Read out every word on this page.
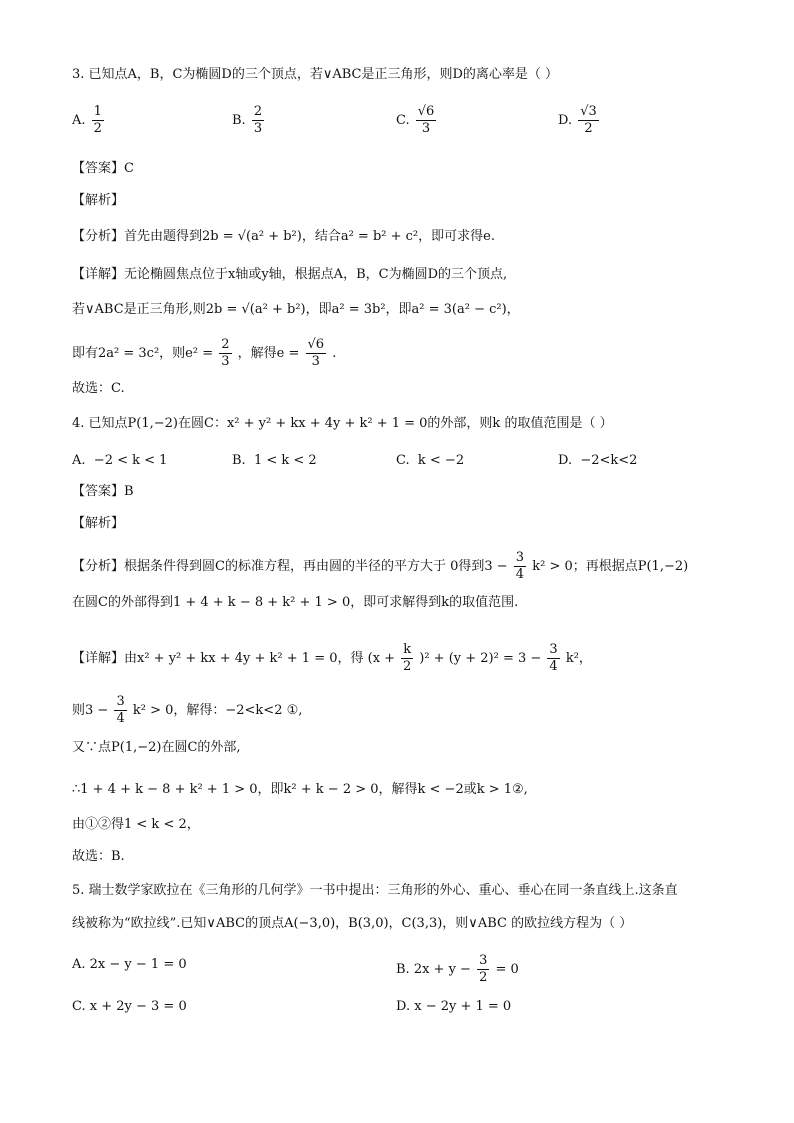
3. 已知点A，B，C为椭圆D的三个顶点，若∨ABC是正三角形，则D的离心率是（ ）
A. $\frac{1}{2}$	B. $\frac{2}{3}$	C. $\frac{√6}{3}$	D. $\frac{√3}{2}$
【答案】C
【解析】
【分析】首先由题得到2b = √(a² + b²)，结合a² = b² + c²，即可求得e.
【详解】无论椭圆焦点位于x轴或y轴，根据点A，B，C为椭圆D的三个顶点,
若∨ABC是正三角形,则2b = √(a² + b²)，即a² = 3b²，即a² = 3(a² − c²)，
即有2a² = 3c²，则$e^2 = \frac{2}{3}$ ，解得$e = \frac{√6}{3}$ .
故选：C.
4. 已知点P(1,−2)在圆C：x² + y² + kx + 4y + k² + 1 = 0的外部，则k 的取值范围是（ ）
A. −2 < k < 1	B. 1 < k < 2	C. k < −2	D. −2<k<2
【答案】B
【解析】
【分析】根据条件得到圆C的标准方程，再由圆的半径的平方大于 0得到$3 - \frac{3}{4} k^2 > 0$；再根据点P(1,−2)
在圆C的外部得到1 + 4 + k − 8 + k² + 1 > 0，即可求解得到k的取值范围.
【详解】由x² + y² + kx + 4y + k² + 1 = 0，得 $(x + \frac{k}{2} )^2 + (y + 2)^2 = 3 - \frac{3}{4} k^2$，
则$3 - \frac{3}{4} k^2 > 0$，解得：−2<k<2 ①,
又∵点P(1,−2)在圆C的外部,
∴1 + 4 + k − 8 + k² + 1 > 0，即k² + k − 2 > 0，解得k < −2或k > 1②,
由①②得1 < k < 2，
故选：B.
5. 瑞士数学家欧拉在《三角形的几何学》一书中提出：三角形的外心、重心、垂心在同一条直线上.这条直
线被称为“欧拉线”.已知∨ABC的顶点A(−3,0)，B(3,0)，C(3,3)，则∨ABC 的欧拉线方程为（ ）
A. 2x − y − 1 = 0	B. $2x + y - \frac{3}{2} = 0$
C. x + 2y − 3 = 0	D. x − 2y + 1 = 0
